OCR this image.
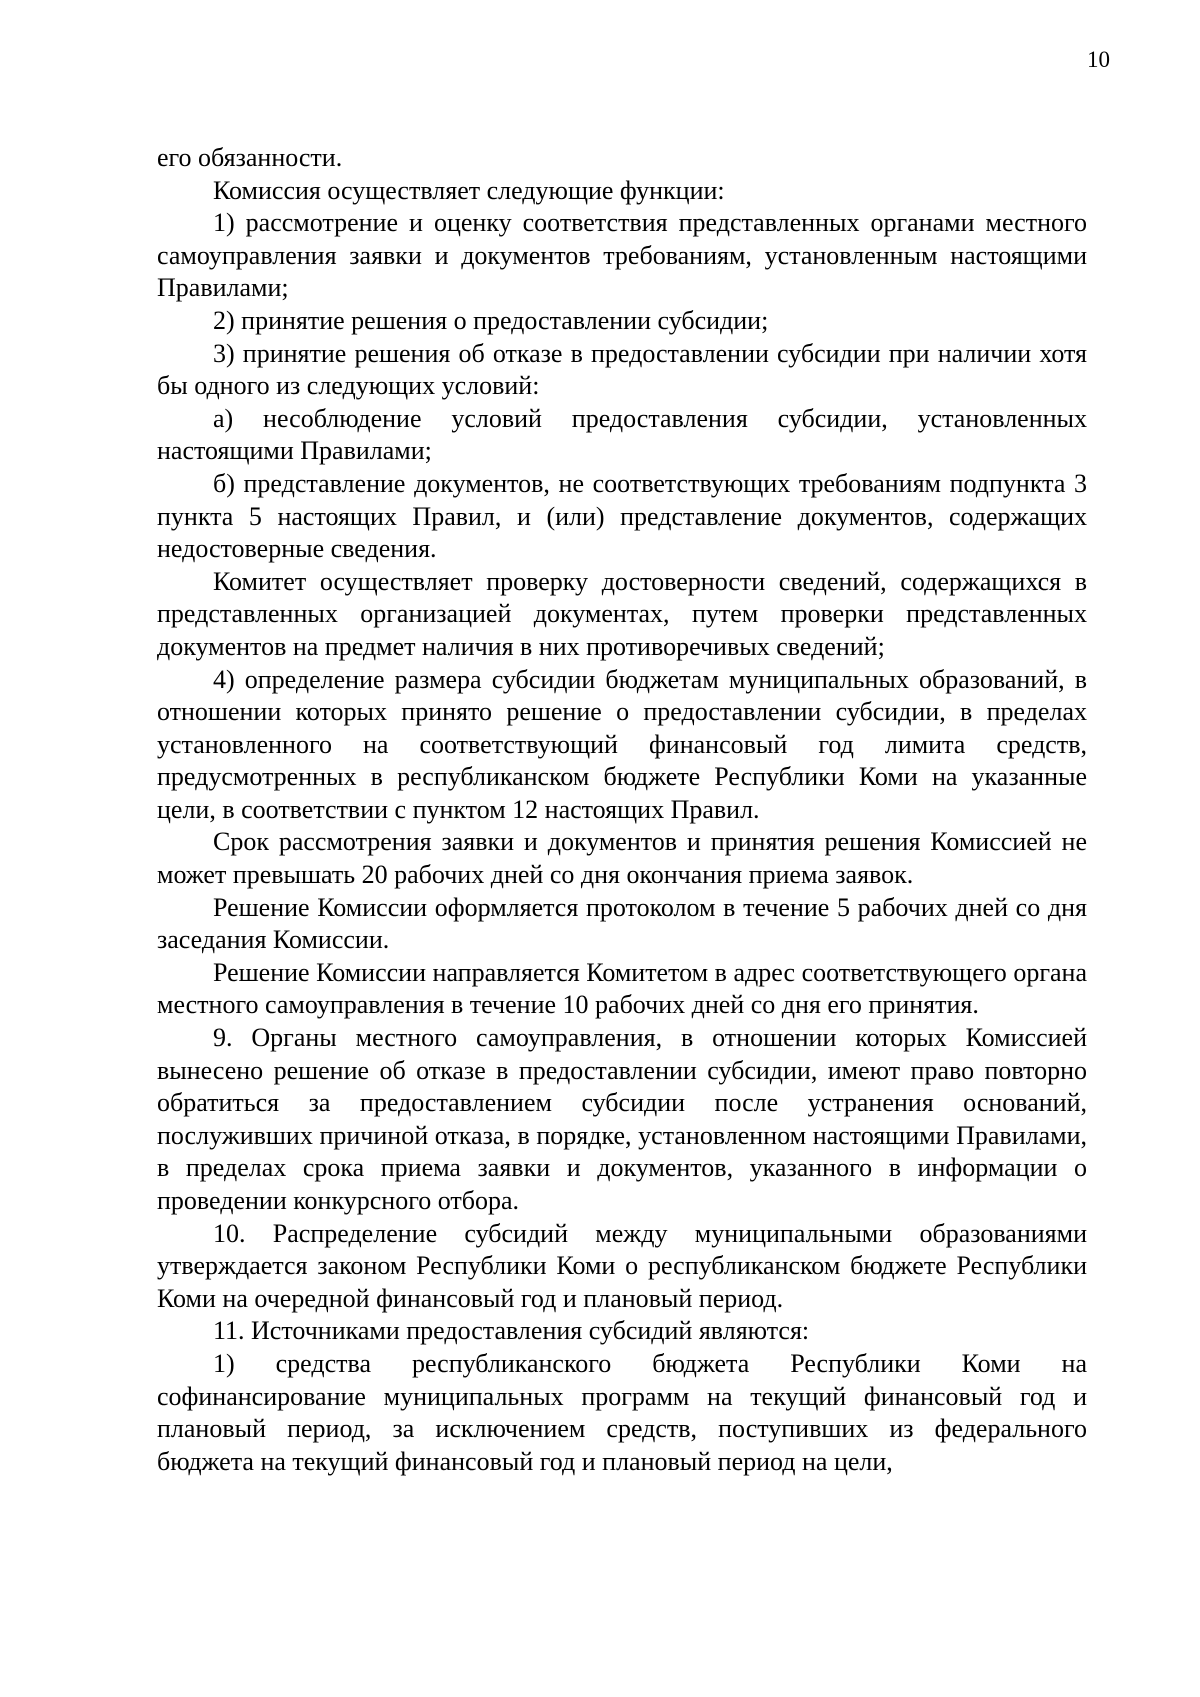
10

его обязанности.

Комиссия осуществляет следующие функции:

1) рассмотрение и оценку соответствия представленных органами местного самоуправления заявки и документов требованиям, установленным настоящими Правилами;

2) принятие решения о предоставлении субсидии;

3) принятие решения об отказе в предоставлении субсидии при наличии хотя бы одного из следующих условий:

а) несоблюдение условий предоставления субсидии, установленных настоящими Правилами;

б) представление документов, не соответствующих требованиям подпункта 3 пункта 5 настоящих Правил, и (или) представление документов, содержащих недостоверные сведения.

Комитет осуществляет проверку достоверности сведений, содержащихся в представленных организацией документах, путем проверки представленных документов на предмет наличия в них противоречивых сведений;

4) определение размера субсидии бюджетам муниципальных образований, в отношении которых принято решение о предоставлении субсидии, в пределах установленного на соответствующий финансовый год лимита средств, предусмотренных в республиканском бюджете Республики Коми на указанные цели, в соответствии с пунктом 12 настоящих Правил.

Срок рассмотрения заявки и документов и принятия решения Комиссией не может превышать 20 рабочих дней со дня окончания приема заявок.

Решение Комиссии оформляется протоколом в течение 5 рабочих дней со дня заседания Комиссии.

Решение Комиссии направляется Комитетом в адрес соответствующего органа местного самоуправления в течение 10 рабочих дней со дня его принятия.

9. Органы местного самоуправления, в отношении которых Комиссией вынесено решение об отказе в предоставлении субсидии, имеют право повторно обратиться за предоставлением субсидии после устранения оснований, послуживших причиной отказа, в порядке, установленном настоящими Правилами, в пределах срока приема заявки и документов, указанного в информации о проведении конкурсного отбора.

10. Распределение субсидий между муниципальными образованиями утверждается законом Республики Коми о республиканском бюджете Республики Коми на очередной финансовый год и плановый период.

11. Источниками предоставления субсидий являются:

1) средства республиканского бюджета Республики Коми на софинансирование муниципальных программ на текущий финансовый год и плановый период, за исключением средств, поступивших из федерального бюджета на текущий финансовый год и плановый период на цели,
